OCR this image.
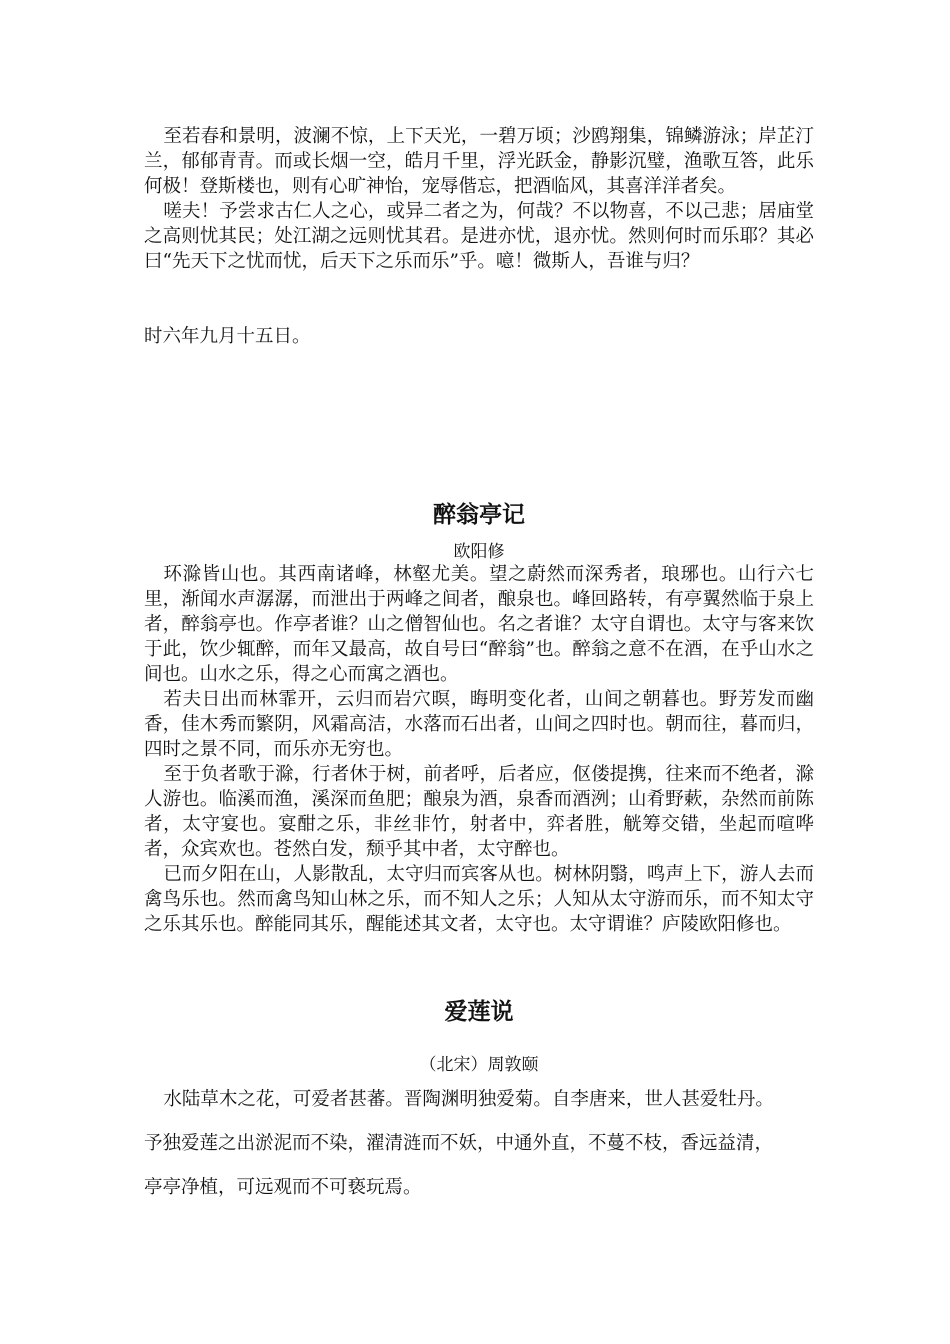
至若春和景明，波澜不惊，上下天光，一碧万顷；沙鸥翔集，锦鳞游泳；岸芷汀兰，郁郁青青。而或长烟一空，皓月千里，浮光跃金，静影沉璧，渔歌互答，此乐何极！登斯楼也，则有心旷神怡，宠辱偕忘，把酒临风，其喜洋洋者矣。

嗟夫！予尝求古仁人之心，或异二者之为，何哉？不以物喜，不以己悲；居庙堂之高则忧其民；处江湖之远则忧其君。是进亦忧，退亦忧。然则何时而乐耶？其必曰“先天下之忧而忧，后天下之乐而乐”乎。噫！微斯人，吾谁与归？

时六年九月十五日。

醉翁亭记

欧阳修

环滁皆山也。其西南诸峰，林壑尤美。望之蔚然而深秀者，琅琊也。山行六七里，渐闻水声潺潺，而泄出于两峰之间者，酿泉也。峰回路转，有亭翼然临于泉上者，醉翁亭也。作亭者谁？山之僧智仙也。名之者谁？太守自谓也。太守与客来饮于此，饮少辄醉，而年又最高，故自号曰“醉翁”也。醉翁之意不在酒，在乎山水之间也。山水之乐，得之心而寓之酒也。

若夫日出而林霏开，云归而岩穴暝，晦明变化者，山间之朝暮也。野芳发而幽香，佳木秀而繁阴，风霜高洁，水落而石出者，山间之四时也。朝而往，暮而归，四时之景不同，而乐亦无穷也。

至于负者歌于滁，行者休于树，前者呼，后者应，伛偻提携，往来而不绝者，滁人游也。临溪而渔，溪深而鱼肥；酿泉为酒，泉香而酒洌；山肴野蔌，杂然而前陈者，太守宴也。宴酣之乐，非丝非竹，射者中，弈者胜，觥筹交错，坐起而喧哗者，众宾欢也。苍然白发，颓乎其中者，太守醉也。

已而夕阳在山，人影散乱，太守归而宾客从也。树林阴翳，鸣声上下，游人去而禽鸟乐也。然而禽鸟知山林之乐，而不知人之乐；人知从太守游而乐，而不知太守之乐其乐也。醉能同其乐，醒能述其文者，太守也。太守谓谁？庐陵欧阳修也。

爱莲说

（北宋）周敦颐

水陆草木之花，可爱者甚蕃。晋陶渊明独爱菊。自李唐来，世人甚爱牡丹。

予独爱莲之出淤泥而不染，濯清涟而不妖，中通外直，不蔓不枝，香远益清，

亭亭净植，可远观而不可亵玩焉。
